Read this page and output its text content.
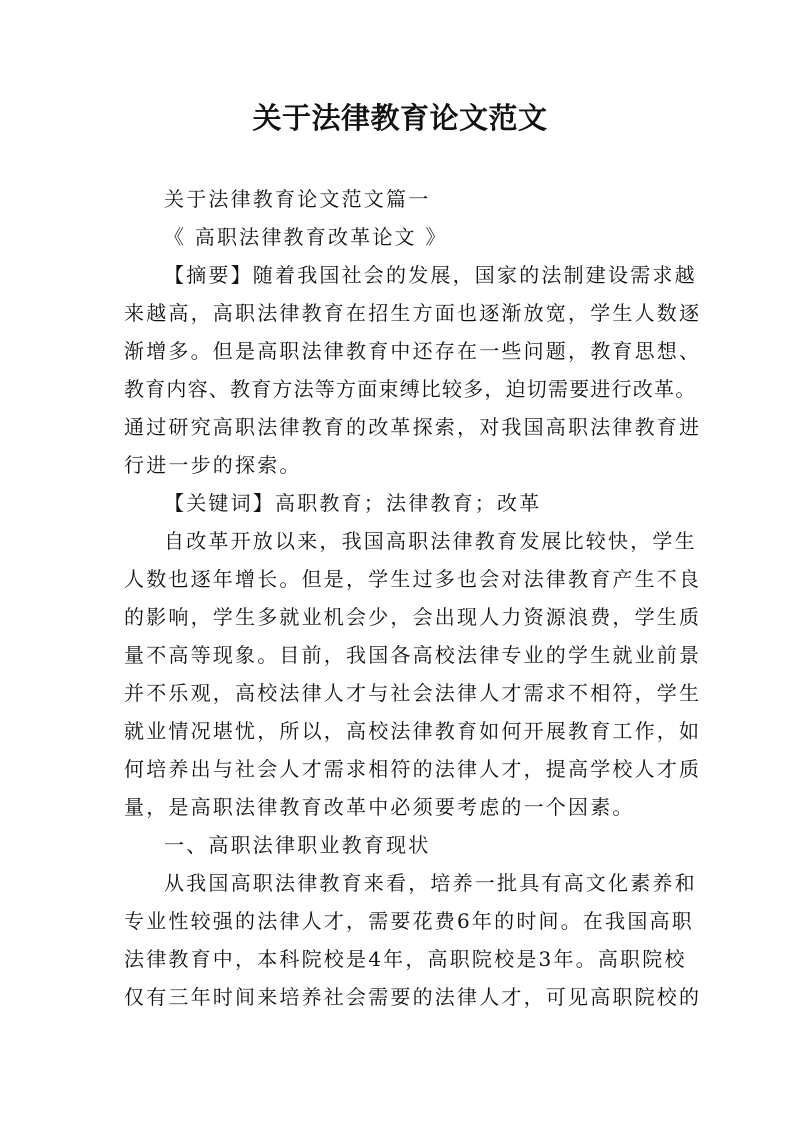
关于法律教育论文范文
关于法律教育论文范文篇一
《 高职法律教育改革论文 》
【摘要】随着我国社会的发展，国家的法制建设需求越
来越高，高职法律教育在招生方面也逐渐放宽，学生人数逐
渐增多。但是高职法律教育中还存在一些问题，教育思想、
教育内容、教育方法等方面束缚比较多，迫切需要进行改革。
通过研究高职法律教育的改革探索，对我国高职法律教育进
行进一步的探索。
【关键词】高职教育；法律教育；改革
自改革开放以来，我国高职法律教育发展比较快，学生
人数也逐年增长。但是，学生过多也会对法律教育产生不良
的影响，学生多就业机会少，会出现人力资源浪费，学生质
量不高等现象。目前，我国各高校法律专业的学生就业前景
并不乐观，高校法律人才与社会法律人才需求不相符，学生
就业情况堪忧，所以，高校法律教育如何开展教育工作，如
何培养出与社会人才需求相符的法律人才，提高学校人才质
量，是高职法律教育改革中必须要考虑的一个因素。
一、高职法律职业教育现状
从我国高职法律教育来看，培养一批具有高文化素养和
专业性较强的法律人才，需要花费6年的时间。在我国高职
法律教育中，本科院校是4年，高职院校是3年。高职院校
仅有三年时间来培养社会需要的法律人才，可见高职院校的
